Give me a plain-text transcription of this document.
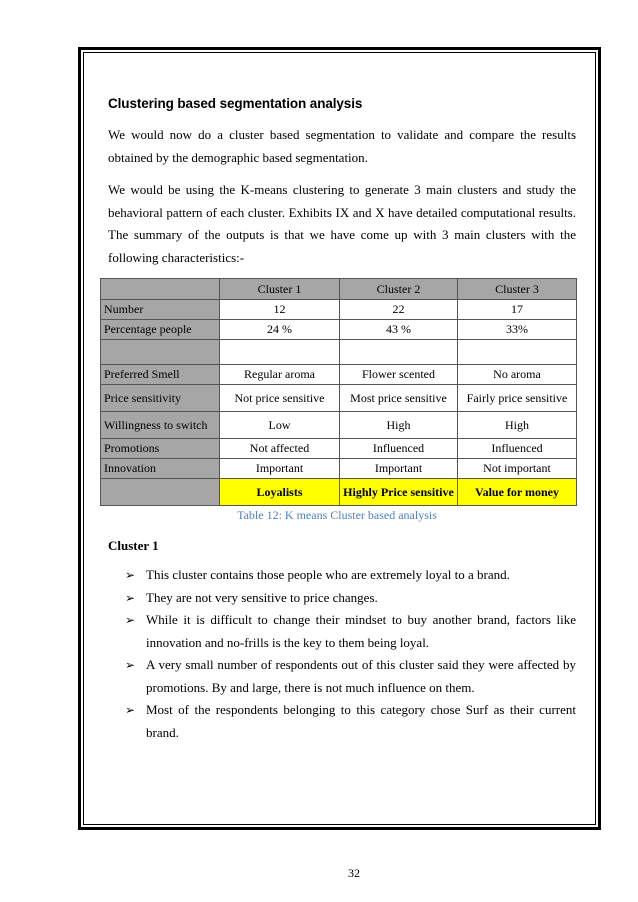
Clustering based segmentation analysis

We would now do a cluster based segmentation to validate and compare the results obtained by the demographic based segmentation.

We would be using the K-means clustering to generate 3 main clusters and study the behavioral pattern of each cluster. Exhibits IX and X have detailed computational results. The summary of the outputs is that we have come up with 3 main clusters with the following characteristics:-

	Cluster 1	Cluster 2	Cluster 3
Number	12	22	17
Percentage people	24 %	43 %	33%

Preferred Smell	Regular aroma	Flower scented	No aroma
Price sensitivity	Not price sensitive	Most price sensitive	Fairly price sensitive
Willingness to switch	Low	High	High
Promotions	Not affected	Influenced	Influenced
Innovation	Important	Important	Not important
	Loyalists	Highly Price sensitive	Value for money
Table 12: K means Cluster based analysis
Cluster 1
➢ This cluster contains those people who are extremely loyal to a brand.
➢ They are not very sensitive to price changes.
➢ While it is difficult to change their mindset to buy another brand, factors like innovation and no-frills is the key to them being loyal.
➢ A very small number of respondents out of this cluster said they were affected by promotions. By and large, there is not much influence on them.
➢ Most of the respondents belonging to this category chose Surf as their current brand.
32
